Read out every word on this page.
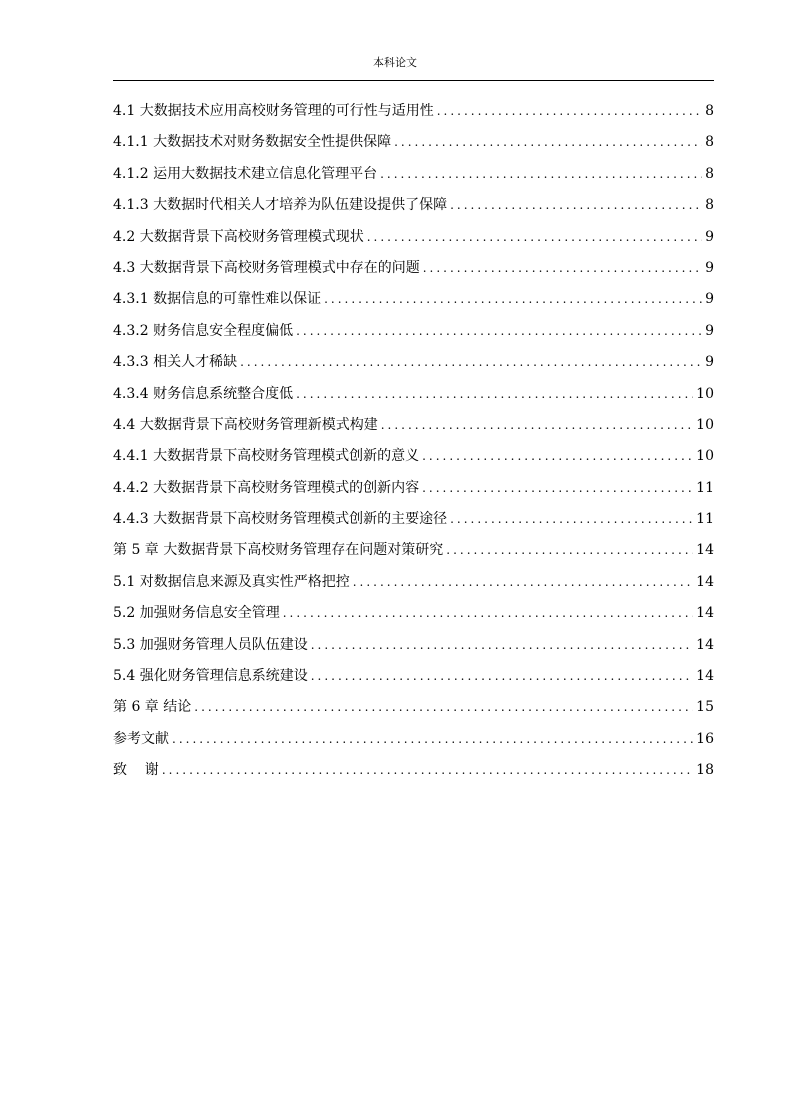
本科论文
4.1 大数据技术应用高校财务管理的可行性与适用性 .....	8
4.1.1 大数据技术对财务数据安全性提供保障 .....	8
4.1.2 运用大数据技术建立信息化管理平台 .....	8
4.1.3 大数据时代相关人才培养为队伍建设提供了保障 .....	8
4.2 大数据背景下高校财务管理模式现状 .....	9
4.3 大数据背景下高校财务管理模式中存在的问题 .....	9
4.3.1 数据信息的可靠性难以保证 .....	9
4.3.2 财务信息安全程度偏低 .....	9
4.3.3 相关人才稀缺 .....	9
4.3.4 财务信息系统整合度低 .....	10
4.4 大数据背景下高校财务管理新模式构建 .....	10
4.4.1 大数据背景下高校财务管理模式创新的意义 .....	10
4.4.2 大数据背景下高校财务管理模式的创新内容 .....	11
4.4.3 大数据背景下高校财务管理模式创新的主要途径 .....	11
第 5 章 大数据背景下高校财务管理存在问题对策研究 .....	14
5.1 对数据信息来源及真实性严格把控 .....	14
5.2 加强财务信息安全管理 .....	14
5.3 加强财务管理人员队伍建设 .....	14
5.4 强化财务管理信息系统建设 .....	14
第 6 章 结论 .....	15
参考文献 .....	16
致    谢 .....	18
